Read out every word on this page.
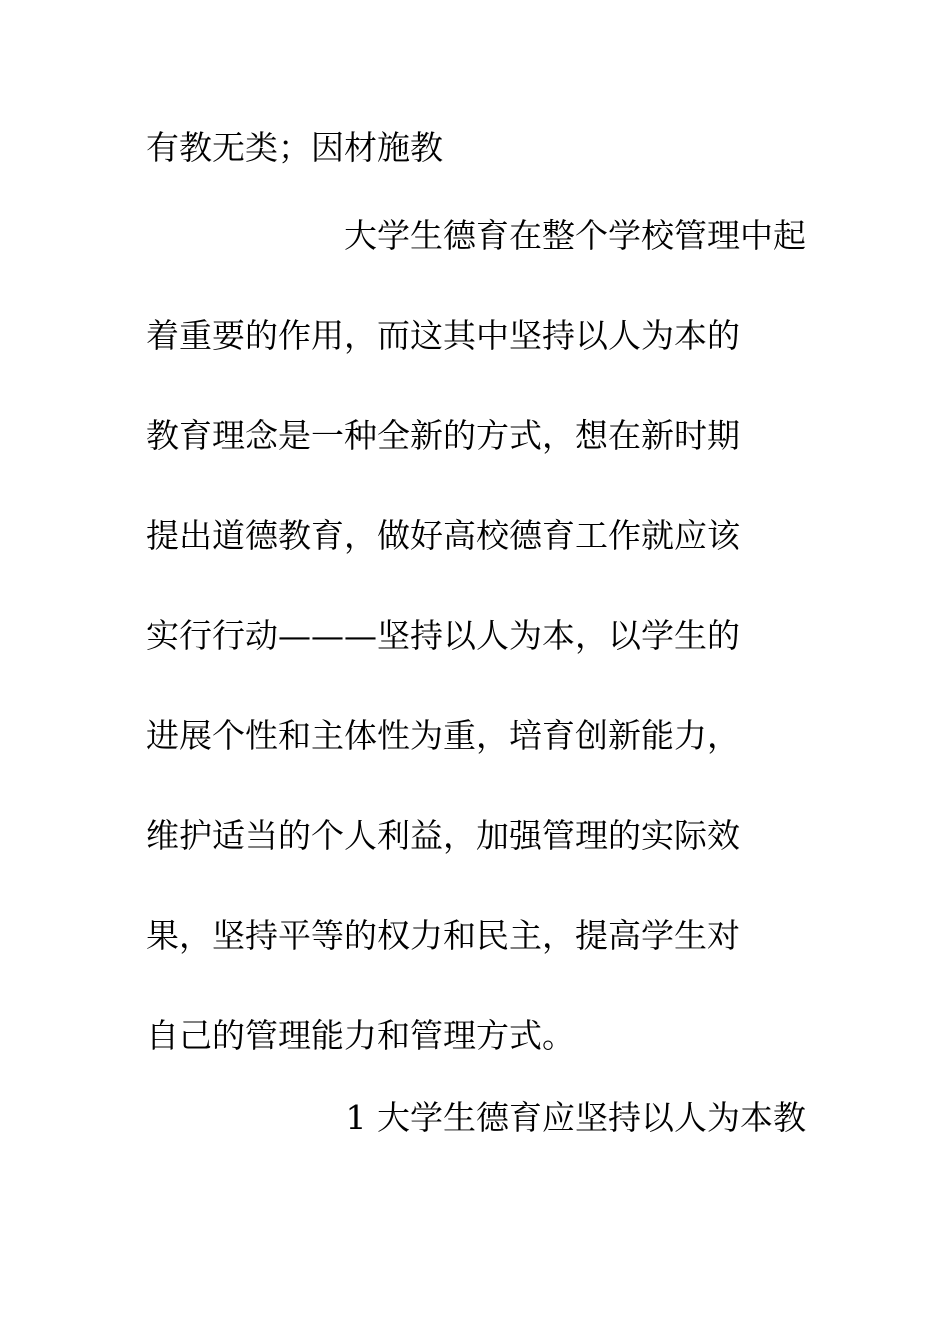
有教无类；因材施教
大学生德育在整个学校管理中起
着重要的作用，而这其中坚持以人为本的
教育理念是一种全新的方式，想在新时期
提出道德教育，做好高校德育工作就应该
实行行动———坚持以人为本，以学生的
进展个性和主体性为重，培育创新能力，
维护适当的个人利益，加强管理的实际效
果，坚持平等的权力和民主，提高学生对
自己的管理能力和管理方式。
1 大学生德育应坚持以人为本教
